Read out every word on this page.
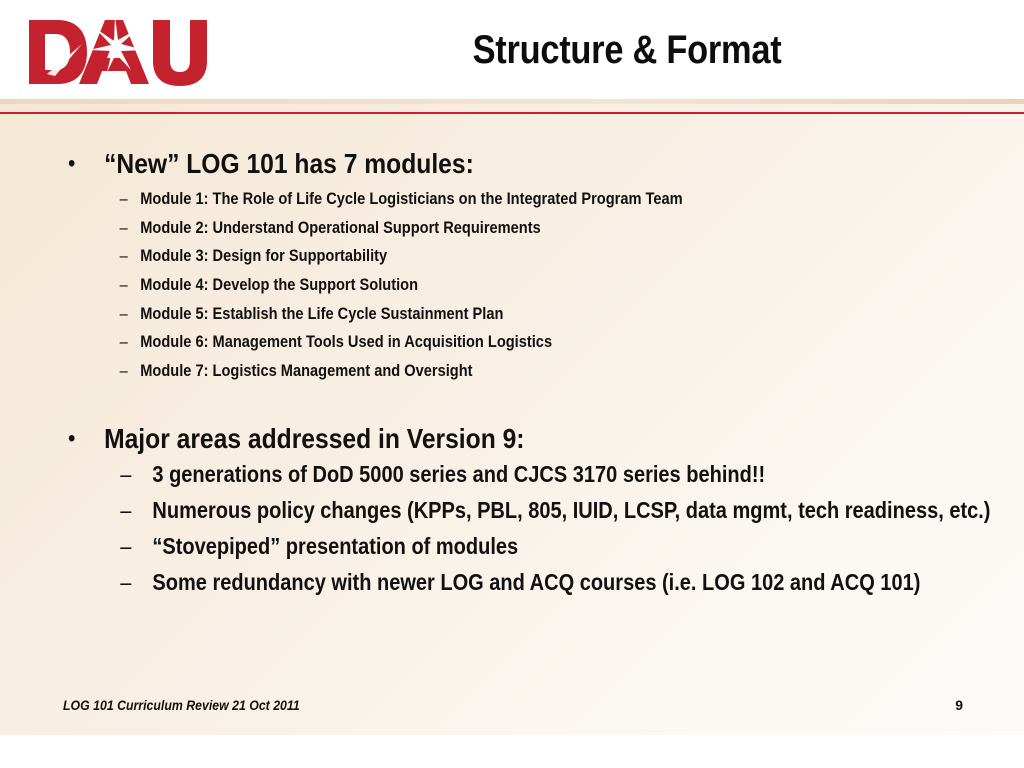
Structure & Format
• “New” LOG 101 has 7 modules:
– Module 1: The Role of Life Cycle Logisticians on the Integrated Program Team
– Module 2: Understand Operational Support Requirements
– Module 3: Design for Supportability
– Module 4: Develop the Support Solution
– Module 5: Establish the Life Cycle Sustainment Plan
– Module 6: Management Tools Used in Acquisition Logistics
– Module 7: Logistics Management and Oversight
• Major areas addressed in Version 9:
– 3 generations of DoD 5000 series and CJCS 3170 series behind!!
– Numerous policy changes (KPPs, PBL, 805, IUID, LCSP, data mgmt, tech readiness, etc.)
– “Stovepiped” presentation of modules
– Some redundancy with newer LOG and ACQ courses (i.e. LOG 102 and ACQ 101)
LOG 101 Curriculum Review 21 Oct 2011	9
